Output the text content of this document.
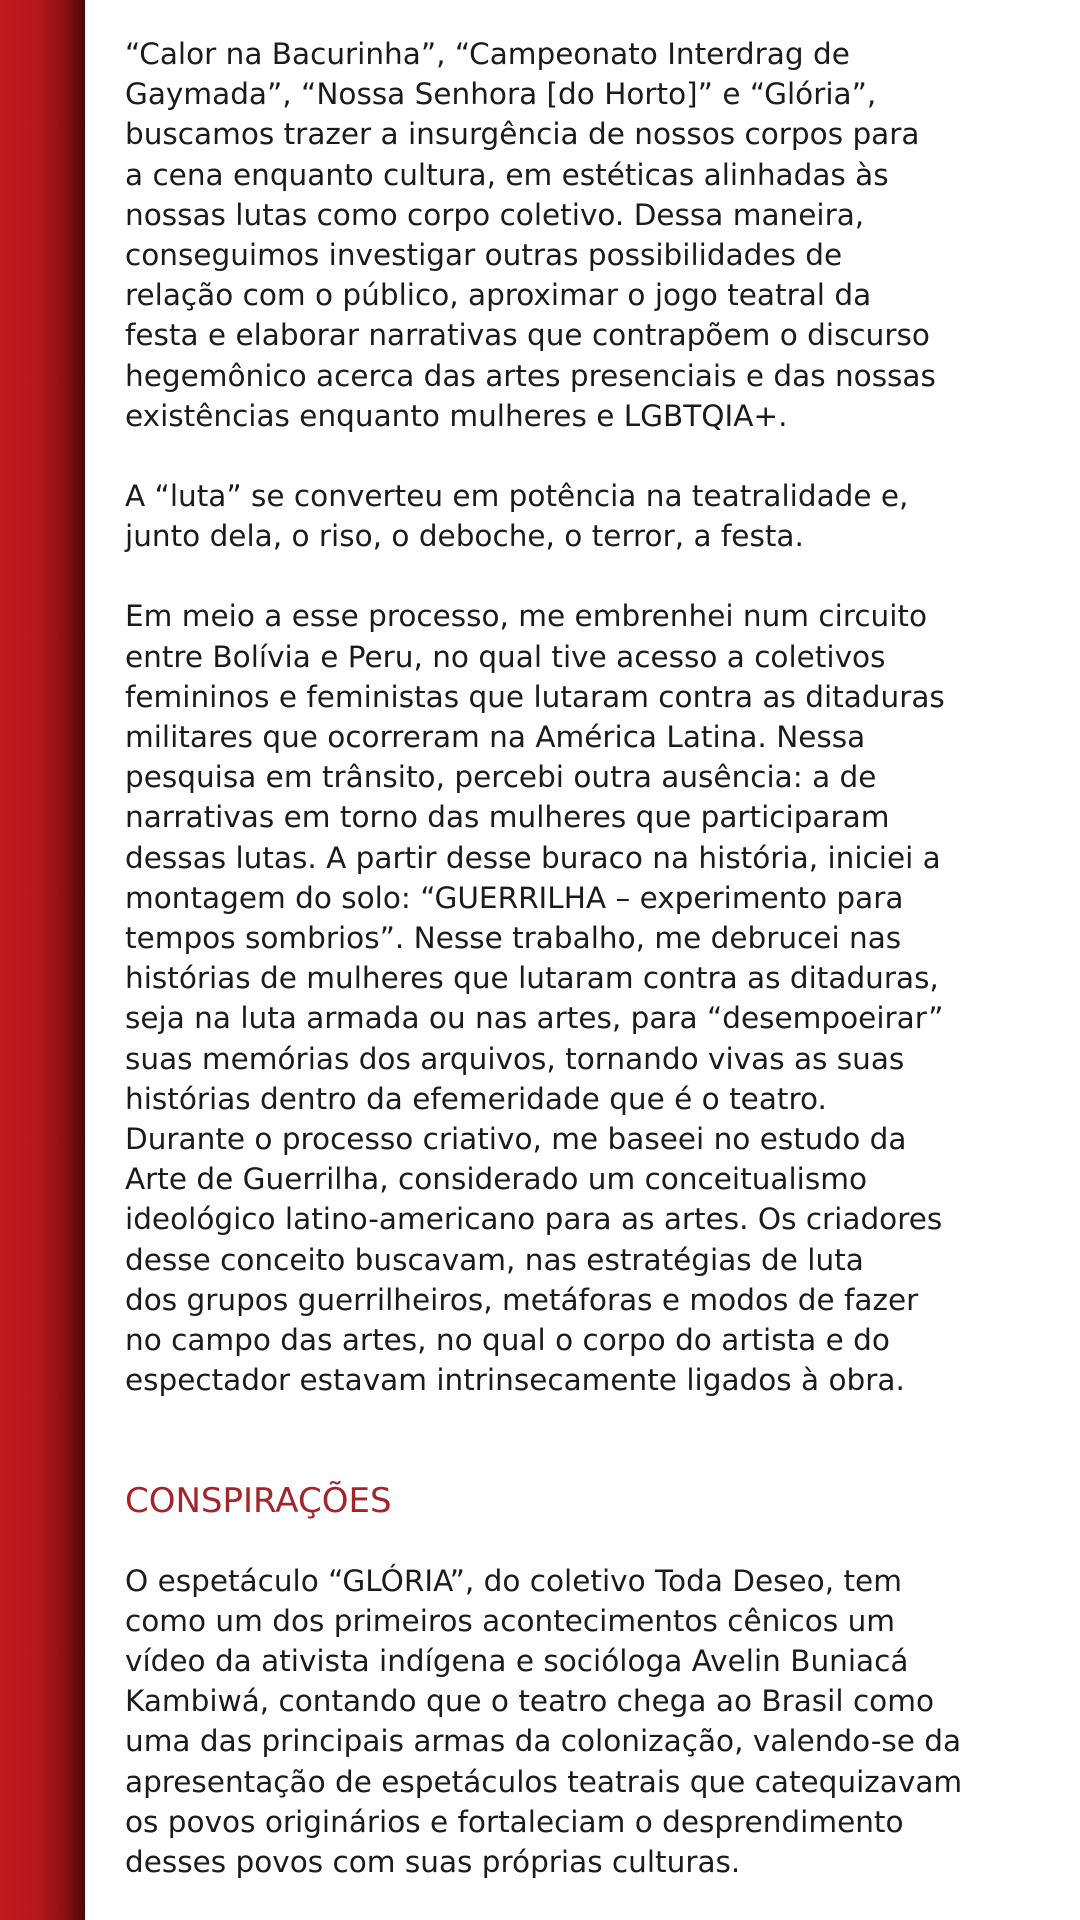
“Calor na Bacurinha”, “Campeonato Interdrag de
Gaymada”, “Nossa Senhora [do Horto]” e “Glória”,
buscamos trazer a insurgência de nossos corpos para
a cena enquanto cultura, em estéticas alinhadas às
nossas lutas como corpo coletivo. Dessa maneira,
conseguimos investigar outras possibilidades de
relação com o público, aproximar o jogo teatral da
festa e elaborar narrativas que contrapõem o discurso
hegemônico acerca das artes presenciais e das nossas
existências enquanto mulheres e LGBTQIA+.

A “luta” se converteu em potência na teatralidade e,
junto dela, o riso, o deboche, o terror, a festa.

Em meio a esse processo, me embrenhei num circuito
entre Bolívia e Peru, no qual tive acesso a coletivos
femininos e feministas que lutaram contra as ditaduras
militares que ocorreram na América Latina. Nessa
pesquisa em trânsito, percebi outra ausência: a de
narrativas em torno das mulheres que participaram
dessas lutas. A partir desse buraco na história, iniciei a
montagem do solo: “GUERRILHA – experimento para
tempos sombrios”. Nesse trabalho, me debrucei nas
histórias de mulheres que lutaram contra as ditaduras,
seja na luta armada ou nas artes, para “desempoeirar”
suas memórias dos arquivos, tornando vivas as suas
histórias dentro da efemeridade que é o teatro.
Durante o processo criativo, me baseei no estudo da
Arte de Guerrilha, considerado um conceitualismo
ideológico latino-americano para as artes. Os criadores
desse conceito buscavam, nas estratégias de luta
dos grupos guerrilheiros, metáforas e modos de fazer
no campo das artes, no qual o corpo do artista e do
espectador estavam intrinsecamente ligados à obra.

CONSPIRAÇÕES

O espetáculo “GLÓRIA”, do coletivo Toda Deseo, tem
como um dos primeiros acontecimentos cênicos um
vídeo da ativista indígena e socióloga Avelin Buniacá
Kambiwá, contando que o teatro chega ao Brasil como
uma das principais armas da colonização, valendo-se da
apresentação de espetáculos teatrais que catequizavam
os povos originários e fortaleciam o desprendimento
desses povos com suas próprias culturas.
